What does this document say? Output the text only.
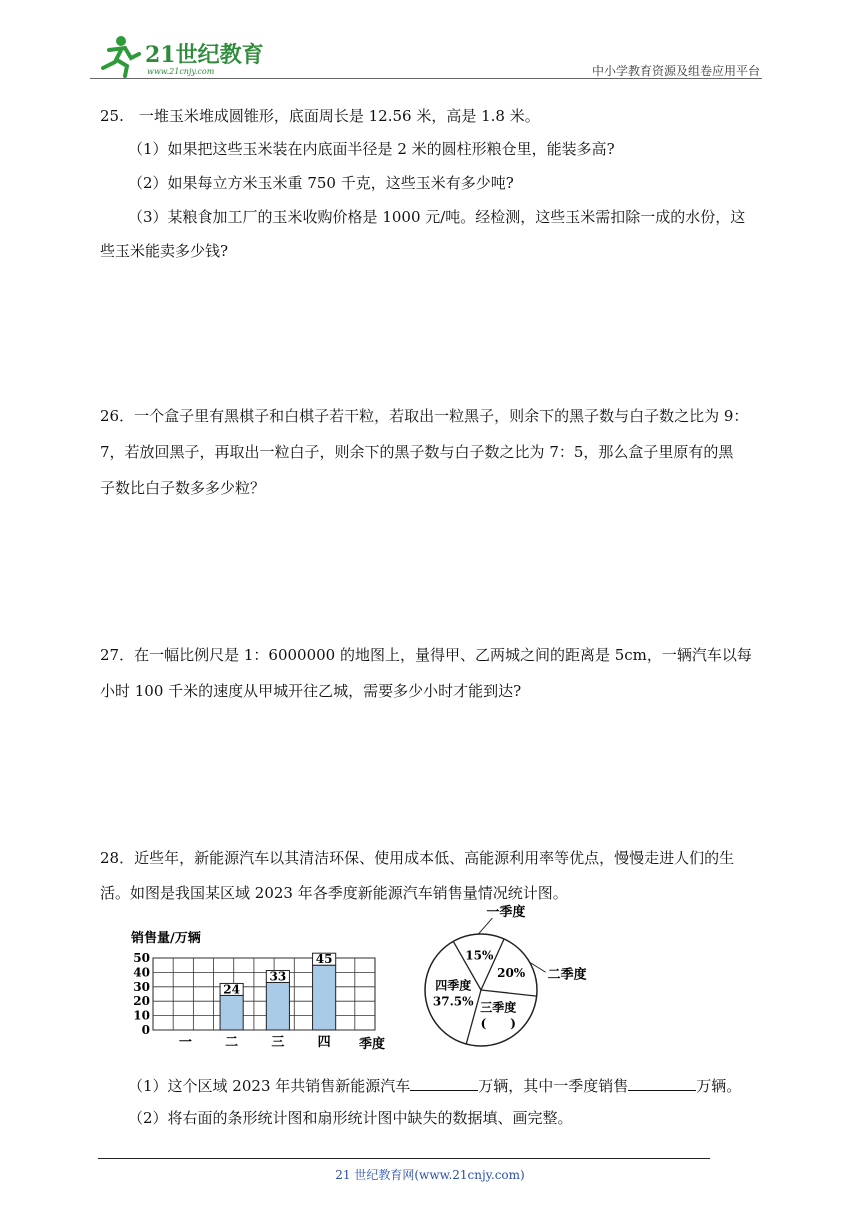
21世纪教育
www.21cnjy.com	中小学教育资源及组卷应用平台
25.　一堆玉米堆成圆锥形，底面周长是 12.56 米，高是 1.8 米。
（1）如果把这些玉米装在内底面半径是 2 米的圆柱形粮仓里，能装多高?
（2）如果每立方米玉米重 750 千克，这些玉米有多少吨?
（3）某粮食加工厂的玉米收购价格是 1000 元/吨。经检测，这些玉米需扣除一成的水份，这
些玉米能卖多少钱?
26．一个盒子里有黑棋子和白棋子若干粒，若取出一粒黑子，则余下的黑子数与白子数之比为 9：
7，若放回黑子，再取出一粒白子，则余下的黑子数与白子数之比为 7：5，那么盒子里原有的黑
子数比白子数多多少粒？
27．在一幅比例尺是 1：6000000 的地图上，量得甲、乙两城之间的距离是 5cm，一辆汽车以每
小时 100 千米的速度从甲城开往乙城，需要多少小时才能到达?
28．近些年，新能源汽车以其清洁环保、使用成本低、高能源利用率等优点，慢慢走进人们的生
活。如图是我国某区域 2023 年各季度新能源汽车销售量情况统计图。
销售量/万辆
0
10
20
30
40
50
24
33
45
一	二	三	四 季度
15%
一季度
20% 二季度
三季度
(　　)
四季度
37.5%
（1）这个区域 2023 年共销售新能源汽车	万辆，其中一季度销售	万辆。
（2）将右面的条形统计图和扇形统计图中缺失的数据填、画完整。
21 世纪教育网(www.21cnjy.com)
